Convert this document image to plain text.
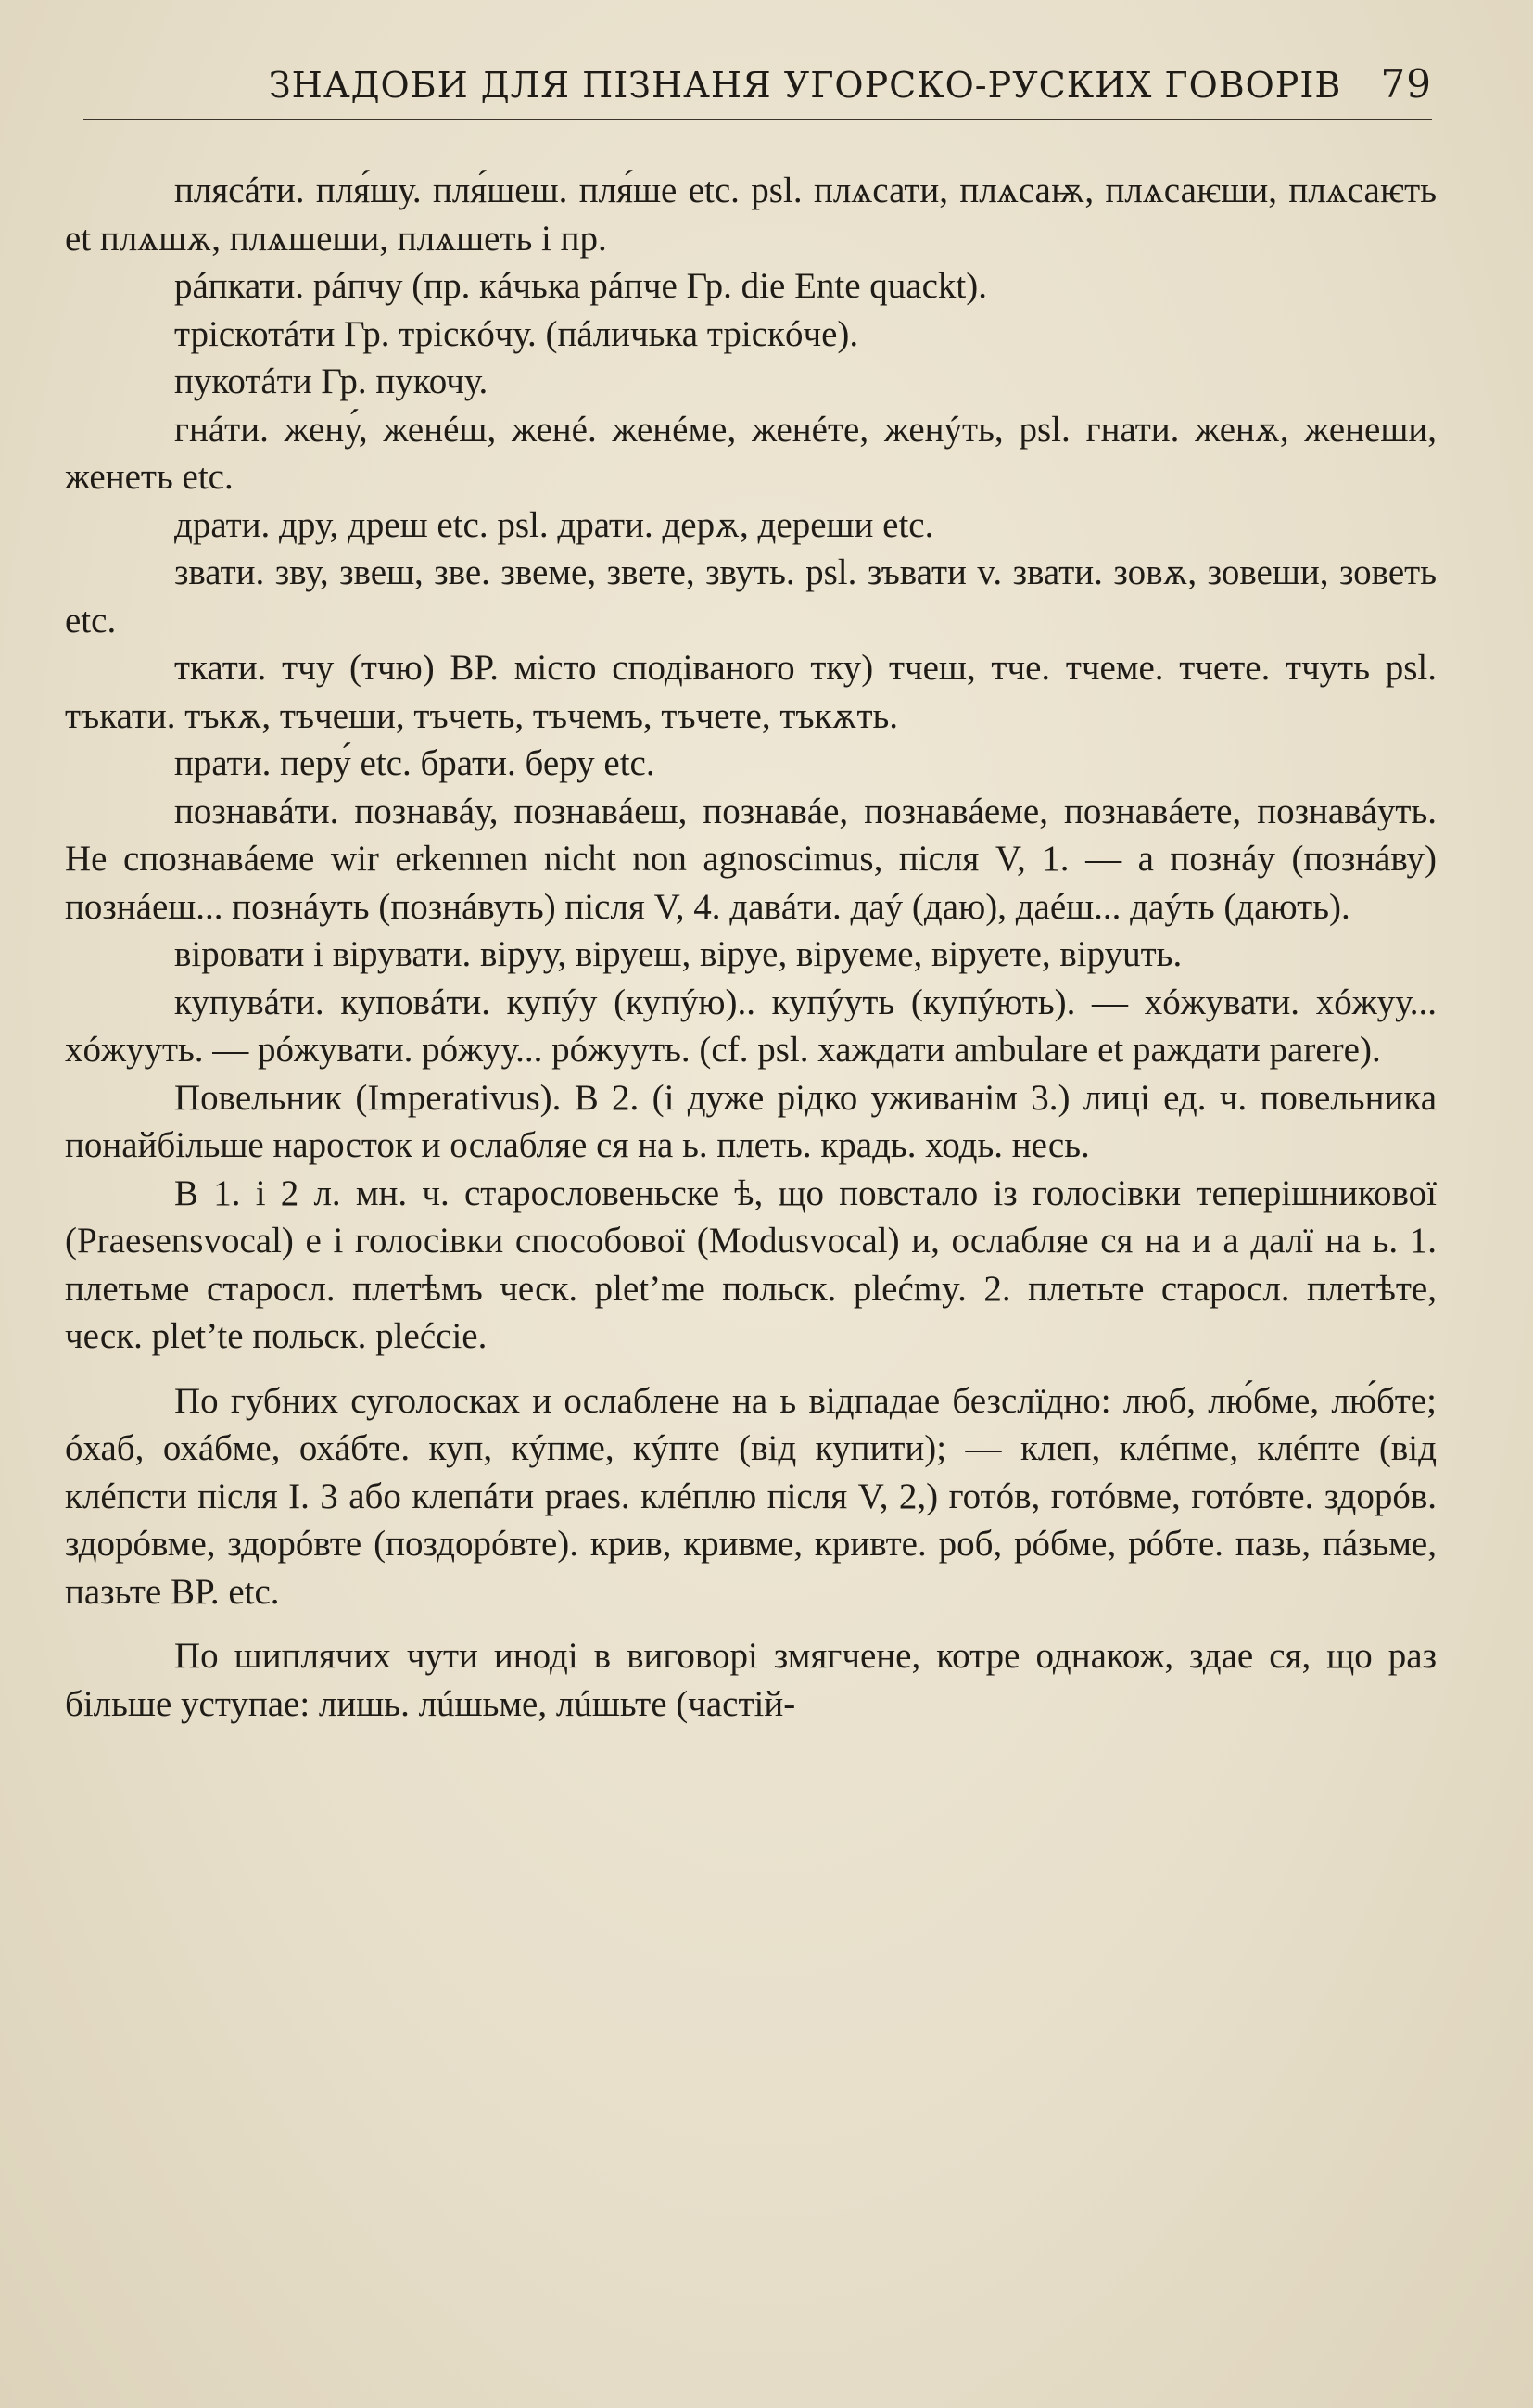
ЗНАДОБИ ДЛЯ ПІЗНАНЯ УГОРСКО-РУСКИХ ГОВОРІВ 79

плясáти. пля́шу. пля́шеш. пля́ше etc. psl. плѧсати, плѧсаѭ, плѧсаѥши, плѧсаѥть et плѧшѫ, плѧшеши, плѧшеть і пр.

рáпкати. рáпчу (пр. кáчька рáпче Гр. die Ente quackt).

тріскотáти Гр. тріскóчу. (пáличька тріскóче).

пукотáти Гр. пукочу.

гнáти. жену́, женéш, женé. женéме, женéте, женýть, psl. гнати. женѫ, женеши, женеть etc.

драти. дру, дреш etc. psl. драти. дерѫ, дереши etc.

звати. зву, звеш, зве. звеме, звете, звуть. psl. зъвати v. звати. зовѫ, зовеши, зоветь etc.

ткати. тчу (тчю) ВР. місто сподіваного тку) тчеш, тче. тчеме. тчете. тчуть psl. тъкати. тъкѫ, тъчеши, тъчеть, тъчемъ, тъчете, тъкѫть.

прати. перу́ etc. брати. беру etc.

познавáти. познавáу, познавáеш, познавáе, познавáеме, познавáете, познавáуть. Не спознавáеме wir erkennen nicht non agnoscimus, після V, 1. — а познáу (познáву) познáеш... познáуть (познáвуть) після V, 4. давáти. даý (даю), даéш... даýть (дають).

віровати і вірувати. віруу, віруеш, віруе, віруеме, віруете, віруuть.

купувáти. куповáти. купýу (купýю).. купýуть (купýють). — хóжувати. хóжуу... хóжууть. — рóжувати. рóжуу... рóжууть. (cf. psl. хаждати ambulare et раждати parere).

Повельник (Imperativus). В 2. (і дуже рідко уживанім 3.) лиці ед. ч. повельника понайбільше наросток и ослабляе ся на ь. плеть. крадь. ходь. несь.

В 1. і 2 л. мн. ч. старословеньске ѣ, що повстало із голосівки теперішникової (Praesensvocal) е і голосівки способової (Modusvocal) и, ослабляе ся на и а далї на ь. 1. плетьме старосл. плетѣмъ ческ. plet’me польск. plećmy. 2. плетьте старосл. плетѣте, ческ. plet’te польск. plećcie.

По губних суголосках и ослаблене на ь відпадае безслїдно: люб, лю́бме, лю́бте; óхаб, охáбме, охáбте. куп, кýпме, кýпте (від купити); — клеп, клéпме, клéпте (від клéпсти після I. 3 або клепáти praes. клéплю після V, 2,) готóв, готóвме, готóвте. здорóв. здорóвме, здорóвте (поздорóвте). крив, кривме, кривте. роб, рóбме, рóбте. пазь, пáзьме, пазьте ВР. etc.

По шиплячих чути иноді в виговорі змягчене, котре однакож, здае ся, що раз більше уступае: лишь. лúшьме, лúшьте (частій-
